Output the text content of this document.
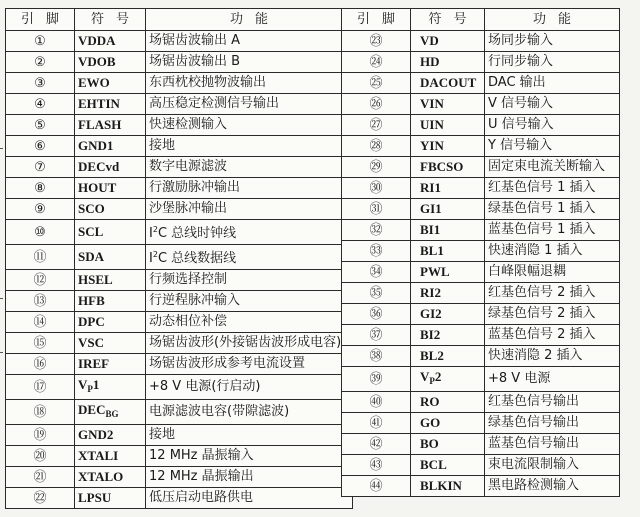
引脚	符号	功能
①	VDDA	场锯齿波输出 A
②	VDOB	场锯齿波输出 B
③	EWO	东西枕校抛物波输出
④	EHTIN	高压稳定检测信号输出
⑤	FLASH	快速检测输入
⑥	GND1	接地
⑦	DECvd	数字电源滤波
⑧	HOUT	行激励脉冲输出
⑨	SCO	沙堡脉冲输出
⑩	SCL	$I^2C$ 总线时钟线
⑪	SDA	$I^2C$ 总线数据线
⑫	HSEL	行频选择控制
⑬	HFB	行逆程脉冲输入
⑭	DPC	动态相位补偿
⑮	VSC	场锯齿波形(外接锯齿波形成电容)
⑯	IREF	场锯齿波形成参考电流设置
⑰	$V_P1$	+8 V 电源(行启动)
⑱	$DEC_{BG}$	电源滤波电容(带隙滤波)
⑲	GND2	接地
⑳	XTALI	12 MHz 晶振输入
㉑	XTALO	12 MHz 晶振输出
㉒	LPSU	低压启动电路供电
引脚	符号	功能
㉓	VD	场同步输入
㉔	HD	行同步输入
㉕	DACOUT	DAC 输出
㉖	VIN	V 信号输入
㉗	UIN	U 信号输入
㉘	YIN	Y 信号输入
㉙	FBCSO	固定束电流关断输入
㉚	RI1	红基色信号 1 插入
㉛	GI1	绿基色信号 1 插入
㉜	BI1	蓝基色信号 1 插入
㉝	BL1	快速消隐 1 插入
㉞	PWL	白峰限幅退耦
㉟	RI2	红基色信号 2 插入
㊱	GI2	绿基色信号 2 插入
㊲	BI2	蓝基色信号 2 插入
㊳	BL2	快速消隐 2 插入
㊴	$V_P2$	+8 V 电源
㊵	RO	红基色信号输出
㊶	GO	绿基色信号输出
㊷	BO	蓝基色信号输出
㊸	BCL	束电流限制输入
㊹	BLKIN	黑电路检测输入
